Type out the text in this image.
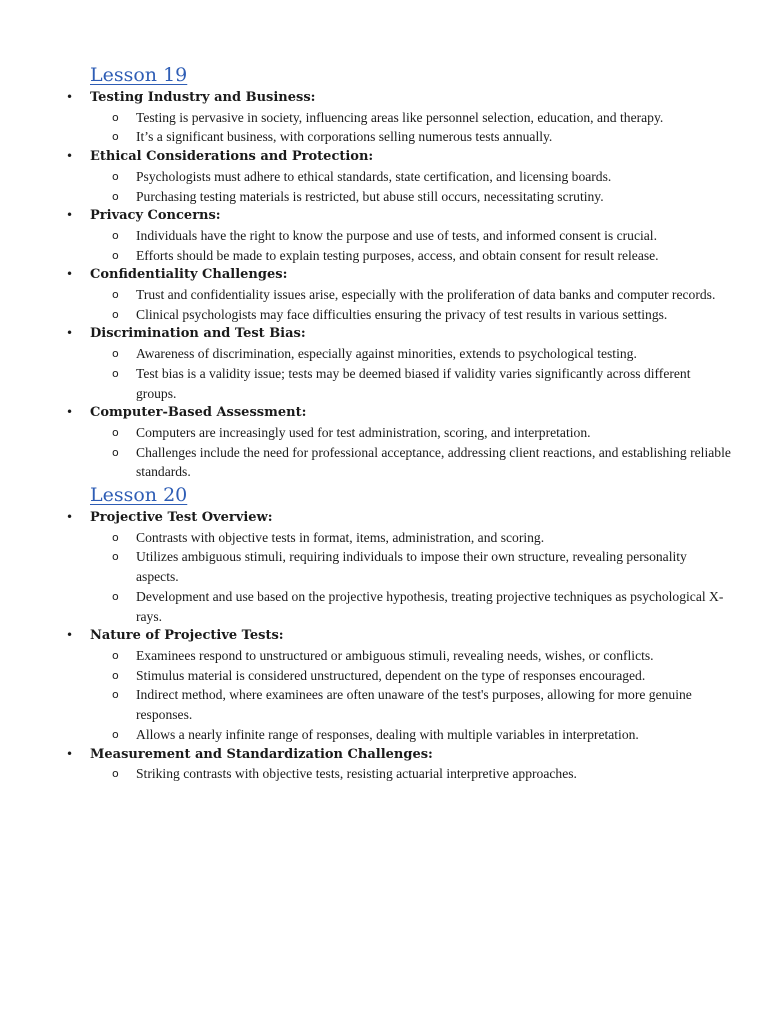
Lesson 19
• Testing Industry and Business:
o Testing is pervasive in society, influencing areas like personnel selection, education, and therapy.
o It’s a significant business, with corporations selling numerous tests annually.
• Ethical Considerations and Protection:
o Psychologists must adhere to ethical standards, state certification, and licensing boards.
o Purchasing testing materials is restricted, but abuse still occurs, necessitating scrutiny.
• Privacy Concerns:
o Individuals have the right to know the purpose and use of tests, and informed consent is crucial.
o Efforts should be made to explain testing purposes, access, and obtain consent for result release.
• Confidentiality Challenges:
o Trust and confidentiality issues arise, especially with the proliferation of data banks and computer records.
o Clinical psychologists may face difficulties ensuring the privacy of test results in various settings.
• Discrimination and Test Bias:
o Awareness of discrimination, especially against minorities, extends to psychological testing.
o Test bias is a validity issue; tests may be deemed biased if validity varies significantly across different groups.
• Computer-Based Assessment:
o Computers are increasingly used for test administration, scoring, and interpretation.
o Challenges include the need for professional acceptance, addressing client reactions, and establishing reliable standards.
Lesson 20
• Projective Test Overview:
o Contrasts with objective tests in format, items, administration, and scoring.
o Utilizes ambiguous stimuli, requiring individuals to impose their own structure, revealing personality aspects.
o Development and use based on the projective hypothesis, treating projective techniques as psychological X-rays.
• Nature of Projective Tests:
o Examinees respond to unstructured or ambiguous stimuli, revealing needs, wishes, or conflicts.
o Stimulus material is considered unstructured, dependent on the type of responses encouraged.
o Indirect method, where examinees are often unaware of the test's purposes, allowing for more genuine responses.
o Allows a nearly infinite range of responses, dealing with multiple variables in interpretation.
• Measurement and Standardization Challenges:
o Striking contrasts with objective tests, resisting actuarial interpretive approaches.
